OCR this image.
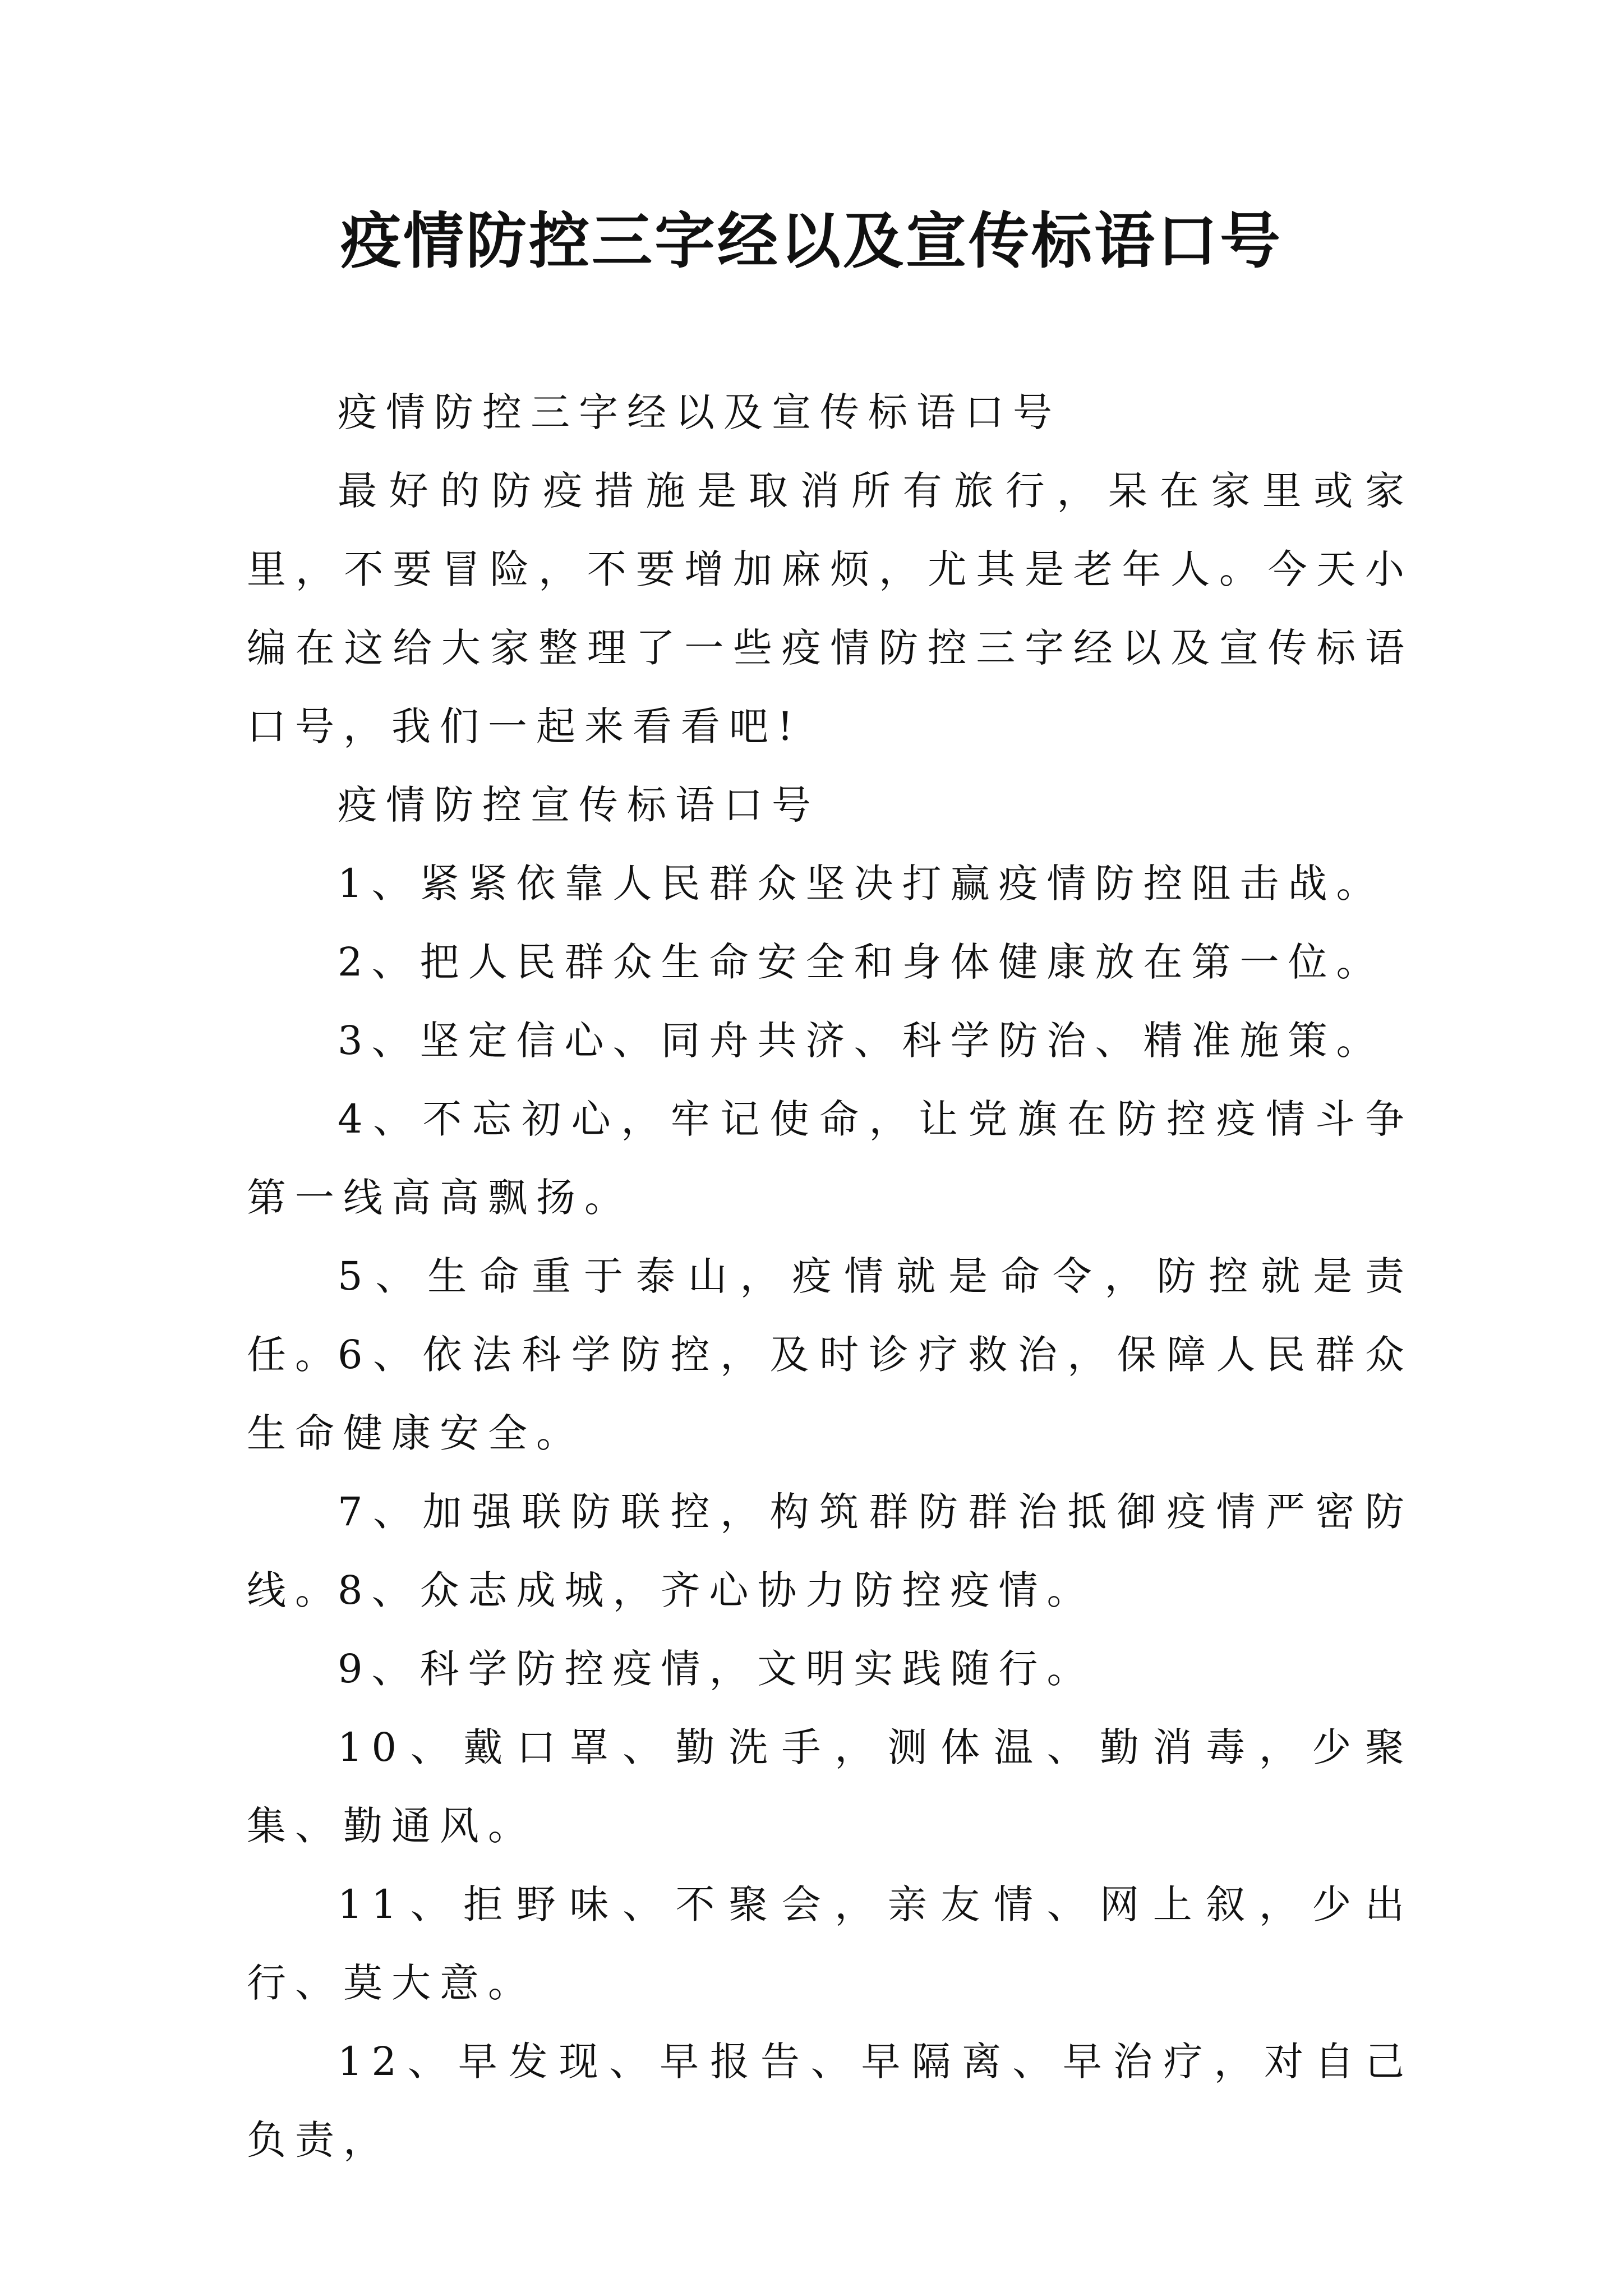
疫情防控三字经以及宣传标语口号

疫情防控三字经以及宣传标语口号

最好的防疫措施是取消所有旅行，呆在家里或家里，不要冒险，不要增加麻烦，尤其是老年人。今天小编在这给大家整理了一些疫情防控三字经以及宣传标语口号，我们一起来看看吧!

疫情防控宣传标语口号

1、紧紧依靠人民群众坚决打赢疫情防控阻击战。

2、把人民群众生命安全和身体健康放在第一位。

3、坚定信心、同舟共济、科学防治、精准施策。

4、不忘初心，牢记使命，让党旗在防控疫情斗争第一线高高飘扬。

5、生命重于泰山，疫情就是命令，防控就是责任。

6、依法科学防控，及时诊疗救治，保障人民群众生命健康安全。

7、加强联防联控，构筑群防群治抵御疫情严密防线。

8、众志成城，齐心协力防控疫情。

9、科学防控疫情，文明实践随行。

10、戴口罩、勤洗手，测体温、勤消毒，少聚集、勤通风。

11、拒野味、不聚会，亲友情、网上叙，少出行、莫大意。

12、早发现、早报告、早隔离、早治疗，对自己负责，
